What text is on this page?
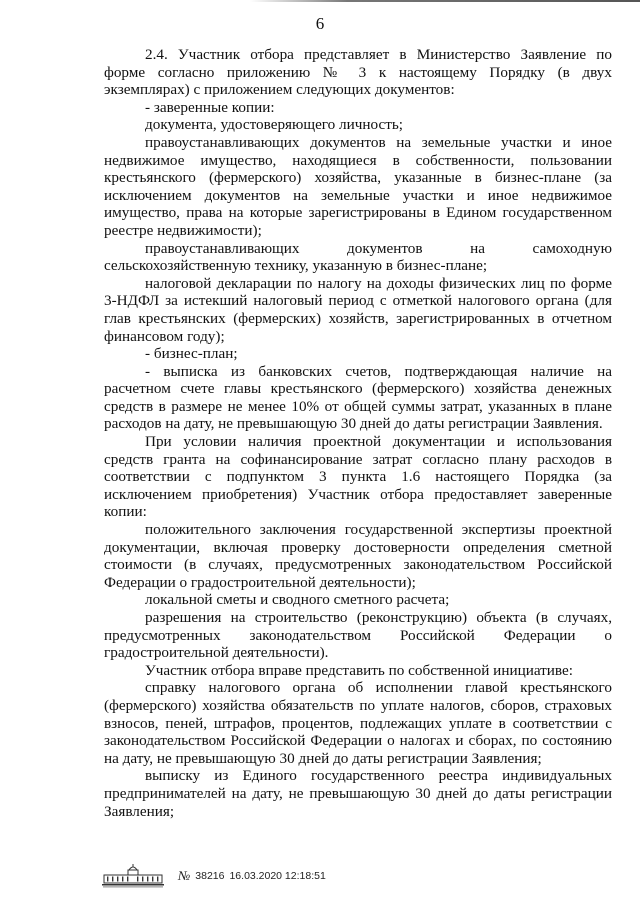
6

2.4. Участник отбора представляет в Министерство Заявление по форме согласно приложению № 3 к настоящему Порядку (в двух экземплярах) с приложением следующих документов:

- заверенные копии:

документа, удостоверяющего личность;

правоустанавливающих документов на земельные участки и иное недвижимое имущество, находящиеся в собственности, пользовании крестьянского (фермерского) хозяйства, указанные в бизнес-плане (за исключением документов на земельные участки и иное недвижимое имущество, права на которые зарегистрированы в Едином государственном реестре недвижимости);

правоустанавливающих документов на самоходную сельскохозяйственную технику, указанную в бизнес-плане;

налоговой декларации по налогу на доходы физических лиц по форме 3-НДФЛ за истекший налоговый период с отметкой налогового органа (для глав крестьянских (фермерских) хозяйств, зарегистрированных в отчетном финансовом году);

- бизнес-план;

- выписка из банковских счетов, подтверждающая наличие на расчетном счете главы крестьянского (фермерского) хозяйства денежных средств в размере не менее 10% от общей суммы затрат, указанных в плане расходов на дату, не превышающую 30 дней до даты регистрации Заявления.

При условии наличия проектной документации и использования средств гранта на софинансирование затрат согласно плану расходов в соответствии с подпунктом 3 пункта 1.6 настоящего Порядка (за исключением приобретения) Участник отбора предоставляет заверенные копии:

положительного заключения государственной экспертизы проектной документации, включая проверку достоверности определения сметной стоимости (в случаях, предусмотренных законодательством Российской Федерации о градостроительной деятельности);

локальной сметы и сводного сметного расчета;

разрешения на строительство (реконструкцию) объекта (в случаях, предусмотренных законодательством Российской Федерации о градостроительной деятельности).

Участник отбора вправе представить по собственной инициативе:

справку налогового органа об исполнении главой крестьянского (фермерского) хозяйства обязательств по уплате налогов, сборов, страховых взносов, пеней, штрафов, процентов, подлежащих уплате в соответствии с законодательством Российской Федерации о налогах и сборах, по состоянию на дату, не превышающую 30 дней до даты регистрации Заявления;

выписку из Единого государственного реестра индивидуальных предпринимателей на дату, не превышающую 30 дней до даты регистрации Заявления;

№ 38216 16.03.2020 12:18:51
